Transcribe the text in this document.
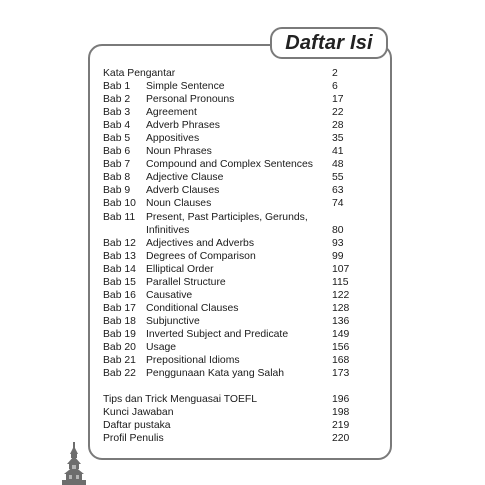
Daftar Isi
Kata Pengantar	2
Bab 1 Simple Sentence	6
Bab 2 Personal Pronouns	17
Bab 3 Agreement	22
Bab 4 Adverb Phrases	28
Bab 5 Appositives	35
Bab 6 Noun Phrases	41
Bab 7 Compound and Complex Sentences 48
Bab 8 Adjective Clause	55
Bab 9 Adverb Clauses	63
Bab 10 Noun Clauses	74
Bab 11 Present, Past Participles, Gerunds, Infinitives	80
Bab 12 Adjectives and Adverbs	93
Bab 13 Degrees of Comparison	99
Bab 14 Elliptical Order	107
Bab 15 Parallel Structure	115
Bab 16 Causative	122
Bab 17 Conditional Clauses	128
Bab 18 Subjunctive	136
Bab 19 Inverted Subject and Predicate	149
Bab 20 Usage	156
Bab 21 Prepositional Idioms	168
Bab 22 Penggunaan Kata yang Salah	173
Tips dan Trick Menguasai TOEFL	196
Kunci Jawaban	198
Daftar pustaka	219
Profil Penulis	220
